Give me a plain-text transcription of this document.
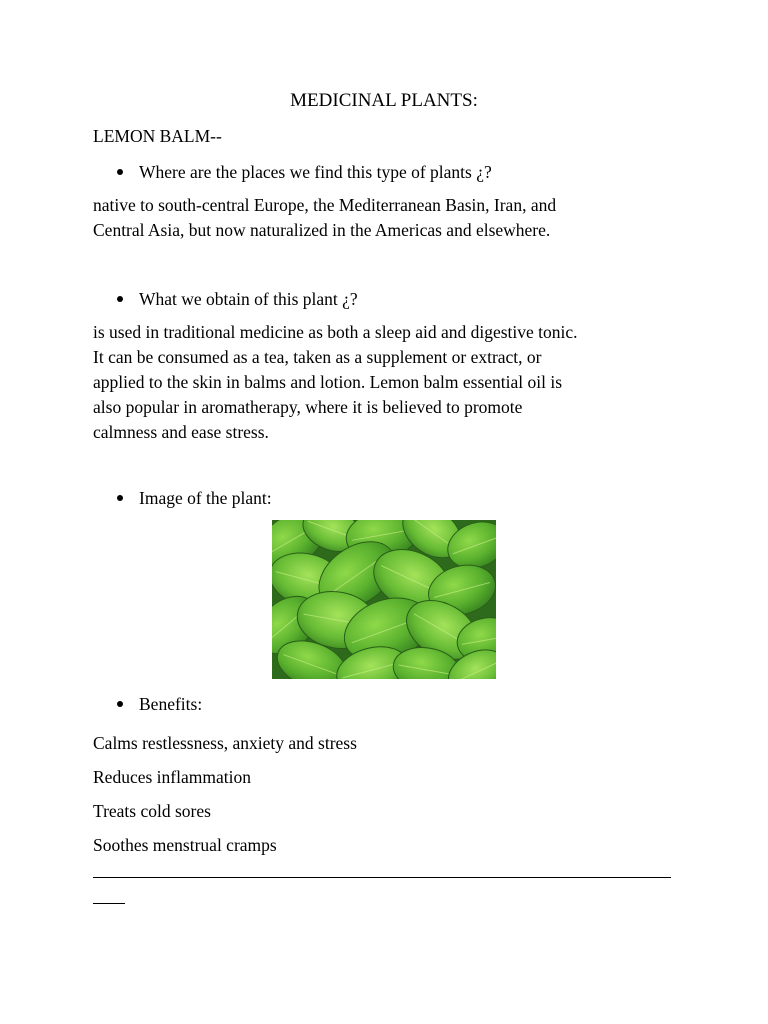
MEDICINAL PLANTS:
LEMON BALM--
Where are the places we find this type of plants ¿?
native to south-central Europe, the Mediterranean Basin, Iran, and
Central Asia, but now naturalized in the Americas and elsewhere.
What we obtain of this plant ¿?
is used in traditional medicine as both a sleep aid and digestive tonic.
It can be consumed as a tea, taken as a supplement or extract, or
applied to the skin in balms and lotion. Lemon balm essential oil is
also popular in aromatherapy, where it is believed to promote
calmness and ease stress.
Image of the plant:
Benefits:
Calms restlessness, anxiety and stress
Reduces inflammation
Treats cold sores
Soothes menstrual cramps
